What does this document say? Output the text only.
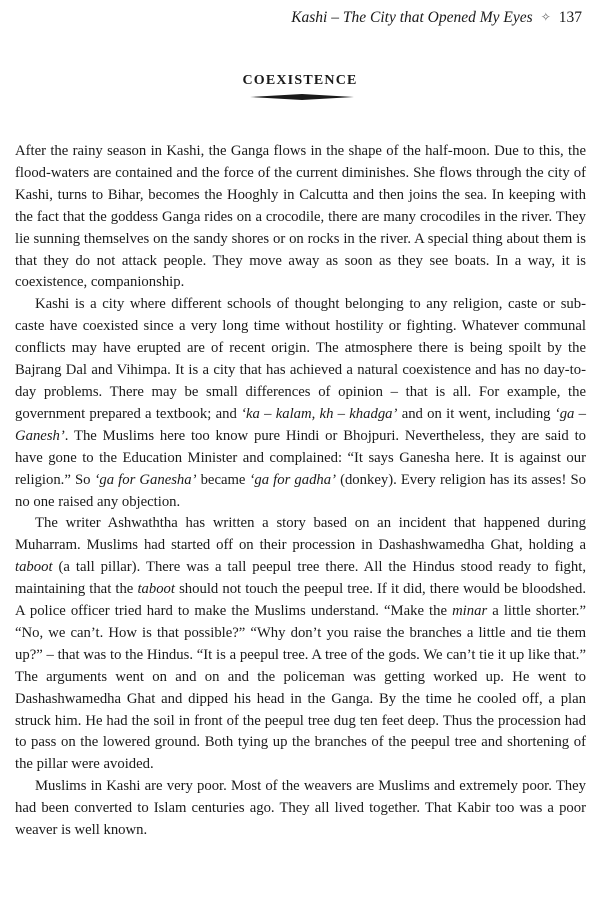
Kashi – The City that Opened My Eyes ✧ 137
COEXISTENCE

After the rainy season in Kashi, the Ganga flows in the shape of the half-moon. Due to this, the flood-waters are contained and the force of the current diminishes. She flows through the city of Kashi, turns to Bihar, becomes the Hooghly in Calcutta and then joins the sea. In keeping with the fact that the goddess Ganga rides on a crocodile, there are many crocodiles in the river. They lie sunning themselves on the sandy shores or on rocks in the river. A special thing about them is that they do not attack people. They move away as soon as they see boats. In a way, it is coexistence, companionship.

Kashi is a city where different schools of thought belonging to any religion, caste or sub-caste have coexisted since a very long time without hostility or fighting. Whatever communal conflicts may have erupted are of recent origin. The atmosphere there is being spoilt by the Bajrang Dal and Vihimpa. It is a city that has achieved a natural coexistence and has no day-to-day problems. There may be small differences of opinion – that is all. For example, the government prepared a textbook; and ‘ka – kalam, kh – khadga’ and on it went, including ‘ga – Ganesh’. The Muslims here too know pure Hindi or Bhojpuri. Nevertheless, they are said to have gone to the Education Minister and complained: “It says Ganesha here. It is against our religion.” So ‘ga for Ganesha’ became ‘ga for gadha’ (donkey). Every religion has its asses! So no one raised any objection.

The writer Ashwaththa has written a story based on an incident that happened during Muharram. Muslims had started off on their procession in Dashashwamedha Ghat, holding a taboot (a tall pillar). There was a tall peepul tree there. All the Hindus stood ready to fight, maintaining that the taboot should not touch the peepul tree. If it did, there would be bloodshed. A police officer tried hard to make the Muslims understand. “Make the minar a little shorter.” “No, we can’t. How is that possible?” “Why don’t you raise the branches a little and tie them up?” – that was to the Hindus. “It is a peepul tree. A tree of the gods. We can’t tie it up like that.” The arguments went on and on and the policeman was getting worked up. He went to Dashashwamedha Ghat and dipped his head in the Ganga. By the time he cooled off, a plan struck him. He had the soil in front of the peepul tree dug ten feet deep. Thus the procession had to pass on the lowered ground. Both tying up the branches of the peepul tree and shortening of the pillar were avoided.

Muslims in Kashi are very poor. Most of the weavers are Muslims and extremely poor. They had been converted to Islam centuries ago. They all lived together. That Kabir too was a poor weaver is well known.
